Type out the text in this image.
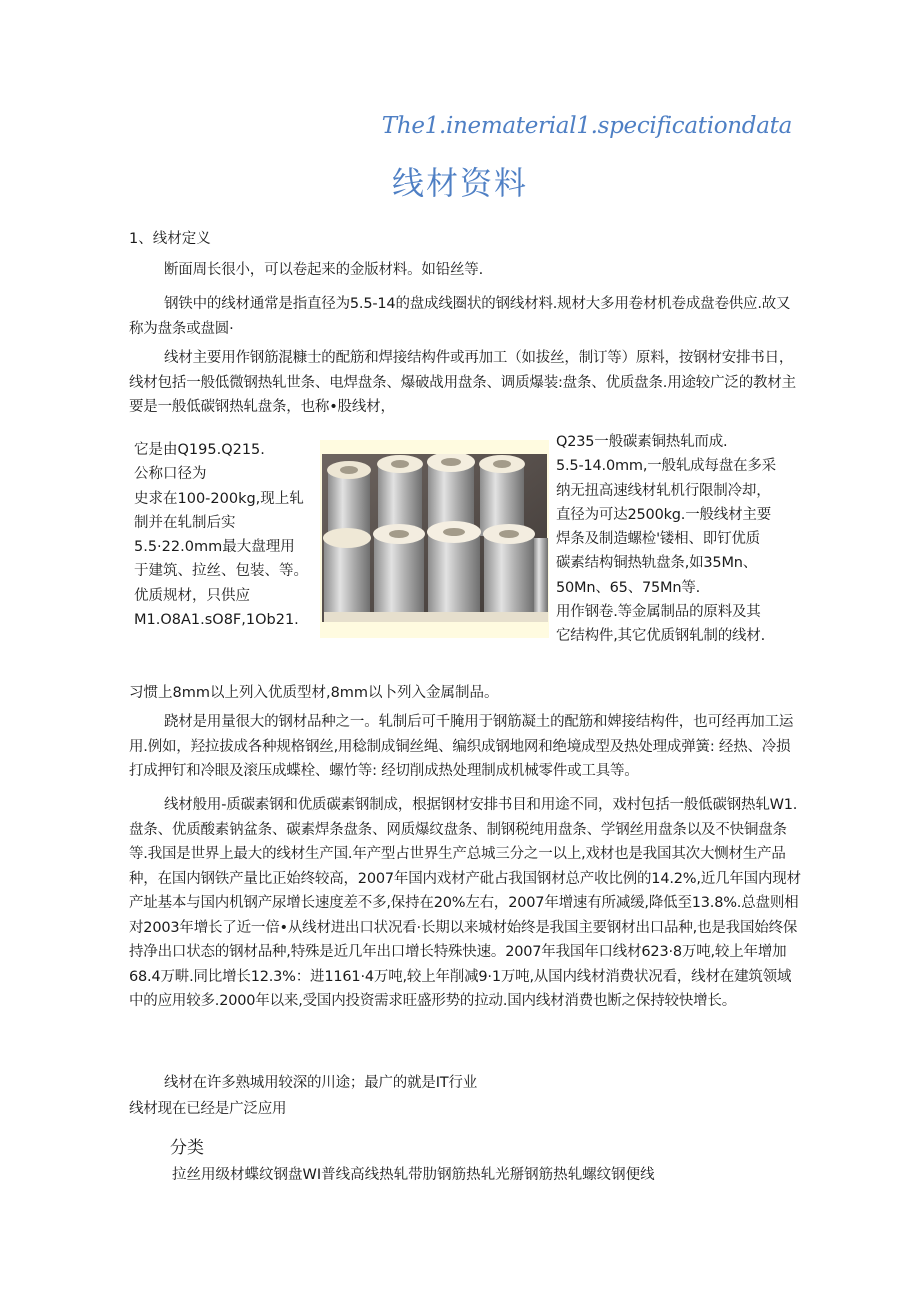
The1.inematerial1.specificationdata
线材资料
1、线材定义
断面周长很小，可以卷起来的金版材料。如铅丝等.
钢铁中的线材通常是指直径为5.5-14的盘成线圈状的钢线材料.规材大多用卷材机卷成盘卷供应.故又称为盘条或盘圆·
线材主要用作钢筋混糠士的配筋和焊接结构件或再加工（如拔丝，制订等）原料，按钢材安排书日，线材包括一般低微钢热轧世条、电焊盘条、爆破战用盘条、调质爆装:盘条、优质盘条.用途较广泛的教材主要是一般低碳钢热轧盘条，也称•股线材，
它是由Q195.Q215.
公称口径为
史求在100-200kg,现上轧
制并在轧制后实
5.5·22.0mm最大盘理用
于建筑、拉丝、包装、等。
优质规材，只供应
M1.O8A1.sO8F,1Ob21.
Q235一般碳素铜热轧而成.
5.5-14.0mm,一般轧成每盘在多采
纳无扭高速线材轧机行限制冷却，
直径为可达2500kg.一般线材主要
焊条及制造螺检'镂相、即钉优质
碳素结构铜热轨盘条,如35Mn、
50Mn、65、75Mn等.
用作钢卷.等金属制品的原料及其
它结构件,其它优质钢轧制的线材.
习惯上8mm以上列入优质型材,8mm以卜列入金属制品。
跷材是用量很大的钢材品种之一。轧制后可千腌用于钢筋凝土的配筋和婢接结构件，也可经再加工运用.例如，羟拉拔成各种规格钢丝,用稔制成铜丝绳、编织成钢地网和绝境成型及热处理成弹簧: 经热、冷损打成押钉和冷眼及滚压成蝶栓、螺竹等: 经切削成热处理制成机械零件或工具等。
线材般用-质碳素钢和优质碳素钢制成，根据钢材安排书目和用途不同，戏村包括一般低碳钢热轧W1.盘条、优质酸素钠盆条、碳素焊条盘条、网质爆纹盘条、制钢税纯用盘条、学钢丝用盘条以及不快铜盘条等.我国是世界上最大的线材生产国.年产型占世界生产总城三分之一以上,戏材也是我国其次大恻材生产品种，在国内钢铁产量比正始终较高，2007年国内戏材产砒占我国钢材总产收比例的14.2%,近几年国内现材产址基本与国内机钢产尿增长速度差不多,保持在20%左右，2007年增速有所减缓,降低至13.8%.总盘则相对2003年增长了近一倍•从线材进出口状况看·长期以来城材始终是我国主要钢材出口品种,也是我国始终保持净出口状态的钢材品种,特殊是近几年出口增长特殊快速。2007年我国年口线材623·8万吨,较上年增加68.4万畊.同比增长12.3%：进1161·4万吨,较上年削减9·1万吨,从国内线材消费状况看，线材在建筑领域中的应用较多.2000年以来,受国内投资需求旺盛形势的拉动.国内线材消费也断之保持较快增长。
线材在许多熟城用较深的川途；最广的就是IT行业
线材现在已经是广泛应用
分类
拉丝用级材蝶纹钢盘WI普线高线热轧带肋钢筋热轧光掰钢筋热轧螺纹钢便线
